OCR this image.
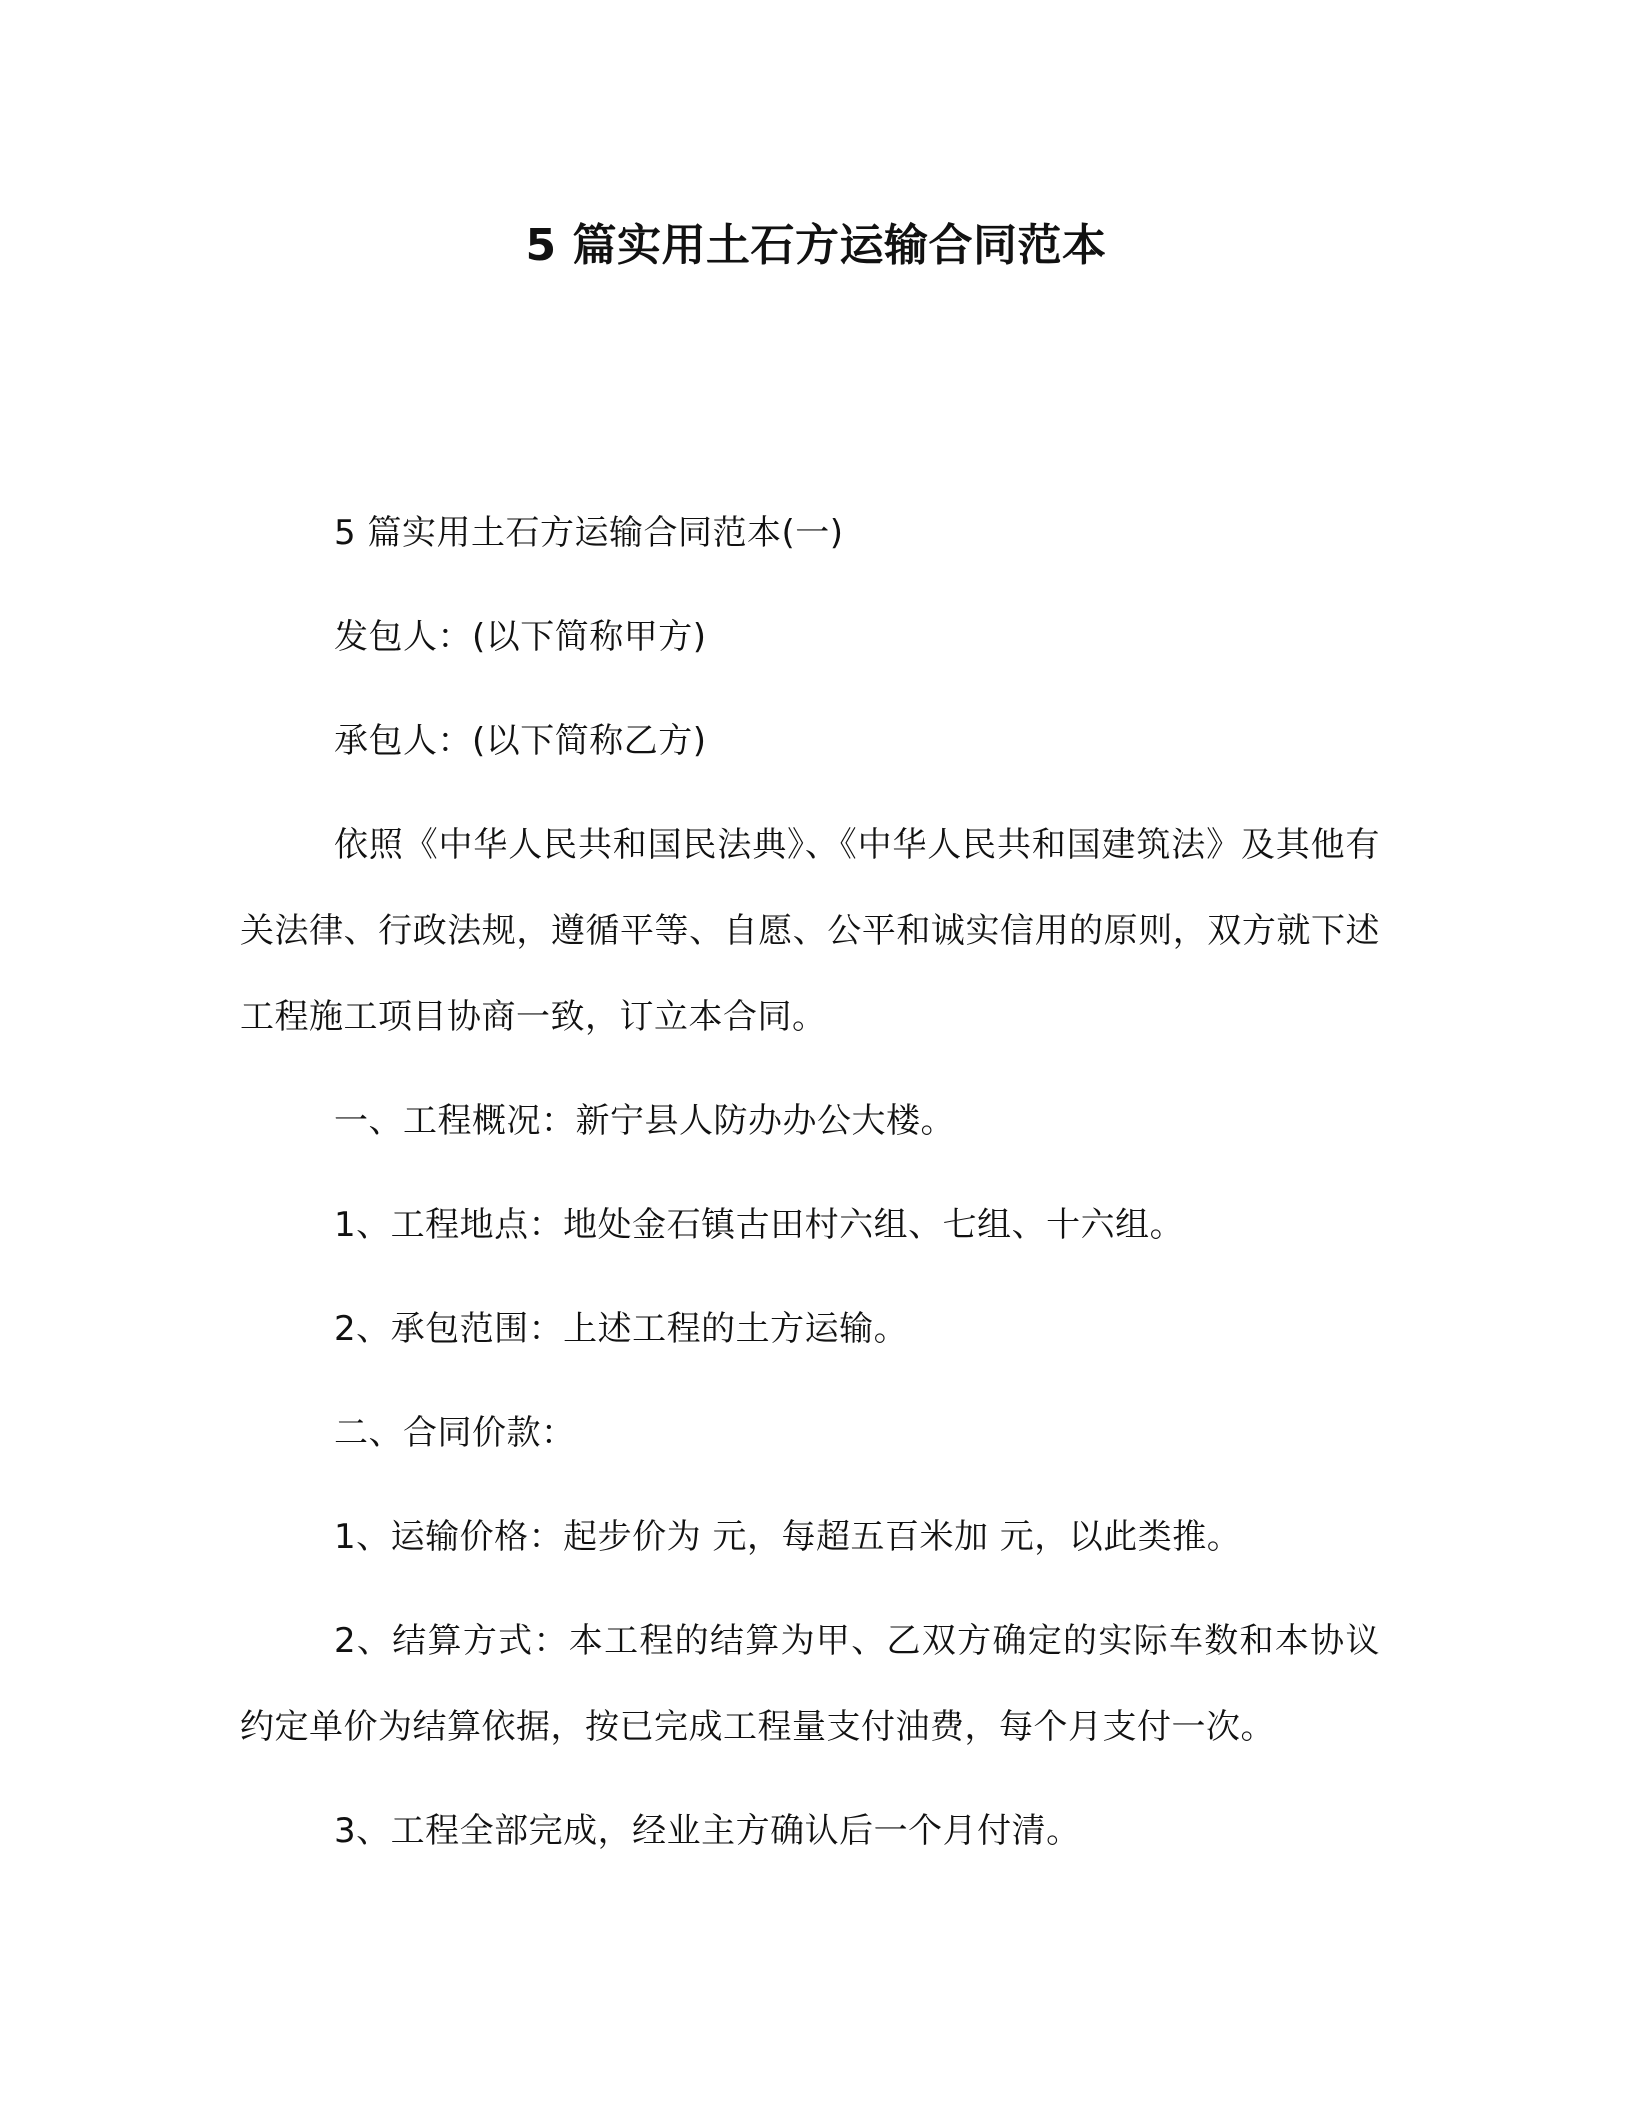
5 篇实用土石方运输合同范本

5 篇实用土石方运输合同范本(一)

发包人：(以下简称甲方)

承包人：(以下简称乙方)

依照《中华人民共和国民法典》、《中华人民共和国建筑法》及其他有关法律、行政法规，遵循平等、自愿、公平和诚实信用的原则，双方就下述工程施工项目协商一致，订立本合同。

一、工程概况：新宁县人防办办公大楼。

1、工程地点：地处金石镇古田村六组、七组、十六组。

2、承包范围：上述工程的土方运输。

二、合同价款：

1、运输价格：起步价为 元，每超五百米加 元，以此类推。

2、结算方式：本工程的结算为甲、乙双方确定的实际车数和本协议约定单价为结算依据，按已完成工程量支付油费，每个月支付一次。

3、工程全部完成，经业主方确认后一个月付清。
